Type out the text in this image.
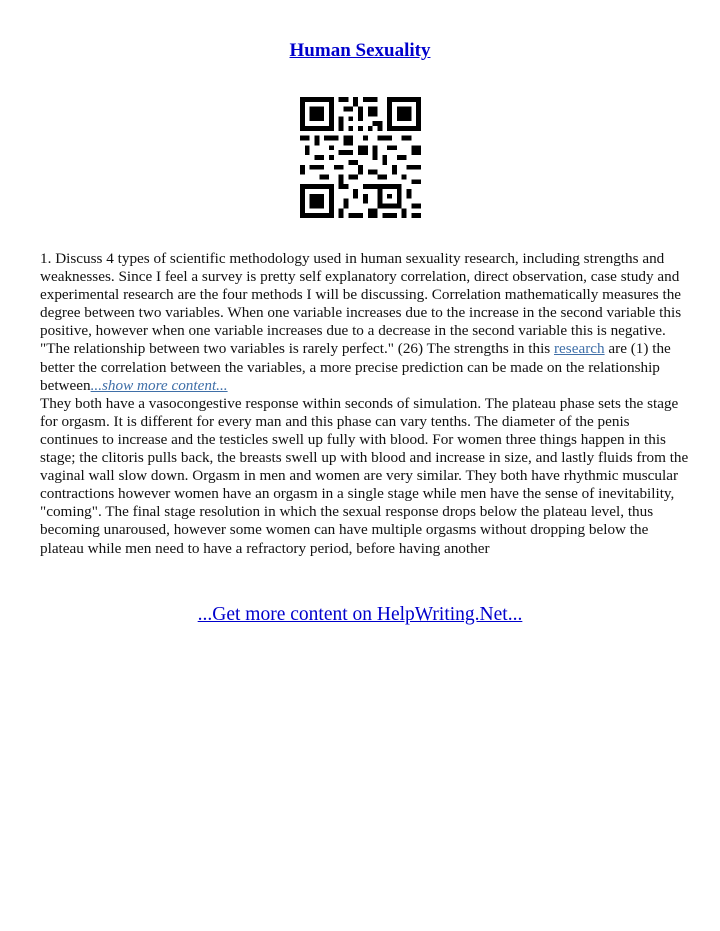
Human Sexuality

1. Discuss 4 types of scientific methodology used in human sexuality research, including strengths and weaknesses. Since I feel a survey is pretty self explanatory correlation, direct observation, case study and experimental research are the four methods I will be discussing. Correlation mathematically measures the degree between two variables. When one variable increases due to the increase in the second variable this positive, however when one variable increases due to a decrease in the second variable this is negative. "The relationship between two variables is rarely perfect." (26) The strengths in this research are (1) the better the correlation between the variables, a more precise prediction can be made on the relationship between...show more content...

They both have a vasocongestive response within seconds of simulation. The plateau phase sets the stage for orgasm. It is different for every man and this phase can vary tenths. The diameter of the penis continues to increase and the testicles swell up fully with blood. For women three things happen in this stage; the clitoris pulls back, the breasts swell up with blood and increase in size, and lastly fluids from the vaginal wall slow down. Orgasm in men and women are very similar. They both have rhythmic muscular contractions however women have an orgasm in a single stage while men have the sense of inevitability, "coming". The final stage resolution in which the sexual response drops below the plateau level, thus becoming unaroused, however some women can have multiple orgasms without dropping below the plateau while men need to have a refractory period, before having another

...Get more content on HelpWriting.Net...
